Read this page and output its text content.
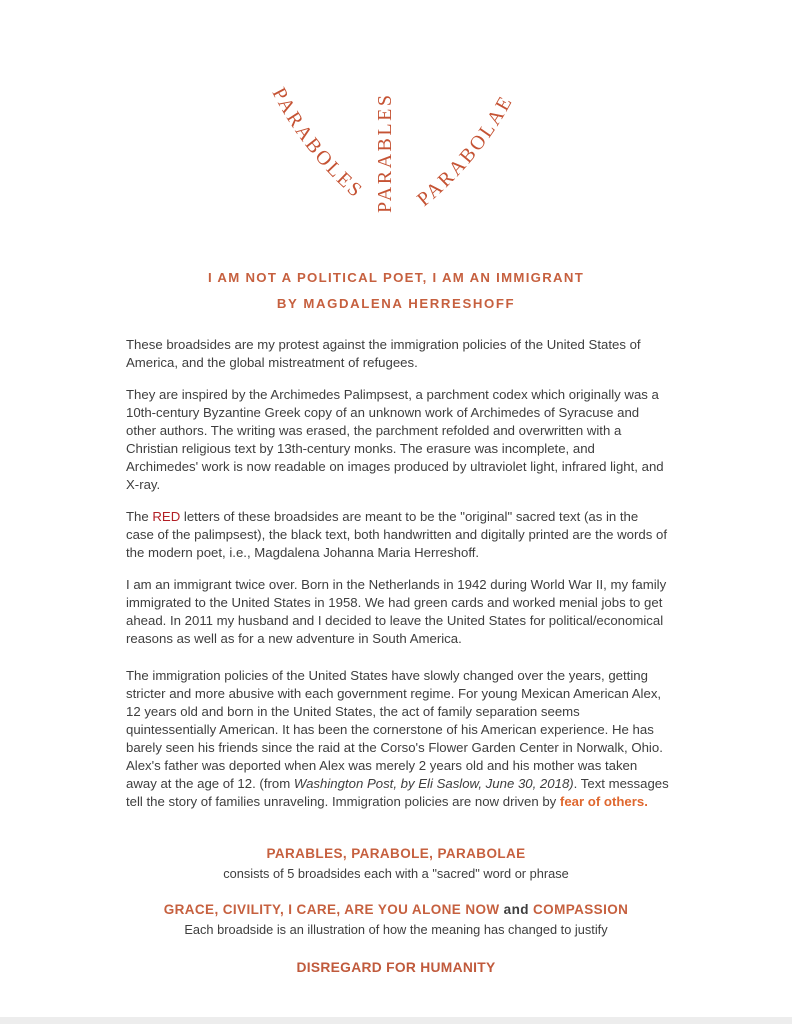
PARABOLES
PARABLES
PARABOLAE
I AM NOT A POLITICAL POET, I AM AN IMMIGRANT
BY MAGDALENA HERRESHOFF

These broadsides are my protest against the immigration policies of the United States of America, and the global mistreatment of refugees.

They are inspired by the Archimedes Palimpsest, a parchment codex which originally was a 10th-century Byzantine Greek copy of an unknown work of Archimedes of Syracuse and other authors. The writing was erased, the parchment refolded and overwritten with a Christian religious text by 13th-century monks. The erasure was incomplete, and Archimedes' work is now readable on images produced by ultraviolet light, infrared light, and X-ray.

The RED letters of these broadsides are meant to be the "original" sacred text (as in the case of the palimpsest), the black text, both handwritten and digitally printed are the words of the modern poet, i.e., Magdalena Johanna Maria Herreshoff.

I am an immigrant twice over. Born in the Netherlands in 1942 during World War II, my family immigrated to the United States in 1958. We had green cards and worked menial jobs to get ahead. In 2011 my husband and I decided to leave the United States for political/economical reasons as well as for a new adventure in South America.

The immigration policies of the United States have slowly changed over the years, getting stricter and more abusive with each government regime. For young Mexican American Alex, 12 years old and born in the United States, the act of family separation seems quintessentially American. It has been the cornerstone of his American experience. He has barely seen his friends since the raid at the Corso's Flower Garden Center in Norwalk, Ohio. Alex's father was deported when Alex was merely 2 years old and his mother was taken away at the age of 12. (from Washington Post, by Eli Saslow, June 30, 2018). Text messages tell the story of families unraveling. Immigration policies are now driven by fear of others.

PARABLES, PARABOLE, PARABOLAE
consists of 5 broadsides each with a "sacred" word or phrase
GRACE, CIVILITY, I CARE, ARE YOU ALONE NOW and COMPASSION
Each broadside is an illustration of how the meaning has changed to justify
DISREGARD FOR HUMANITY
